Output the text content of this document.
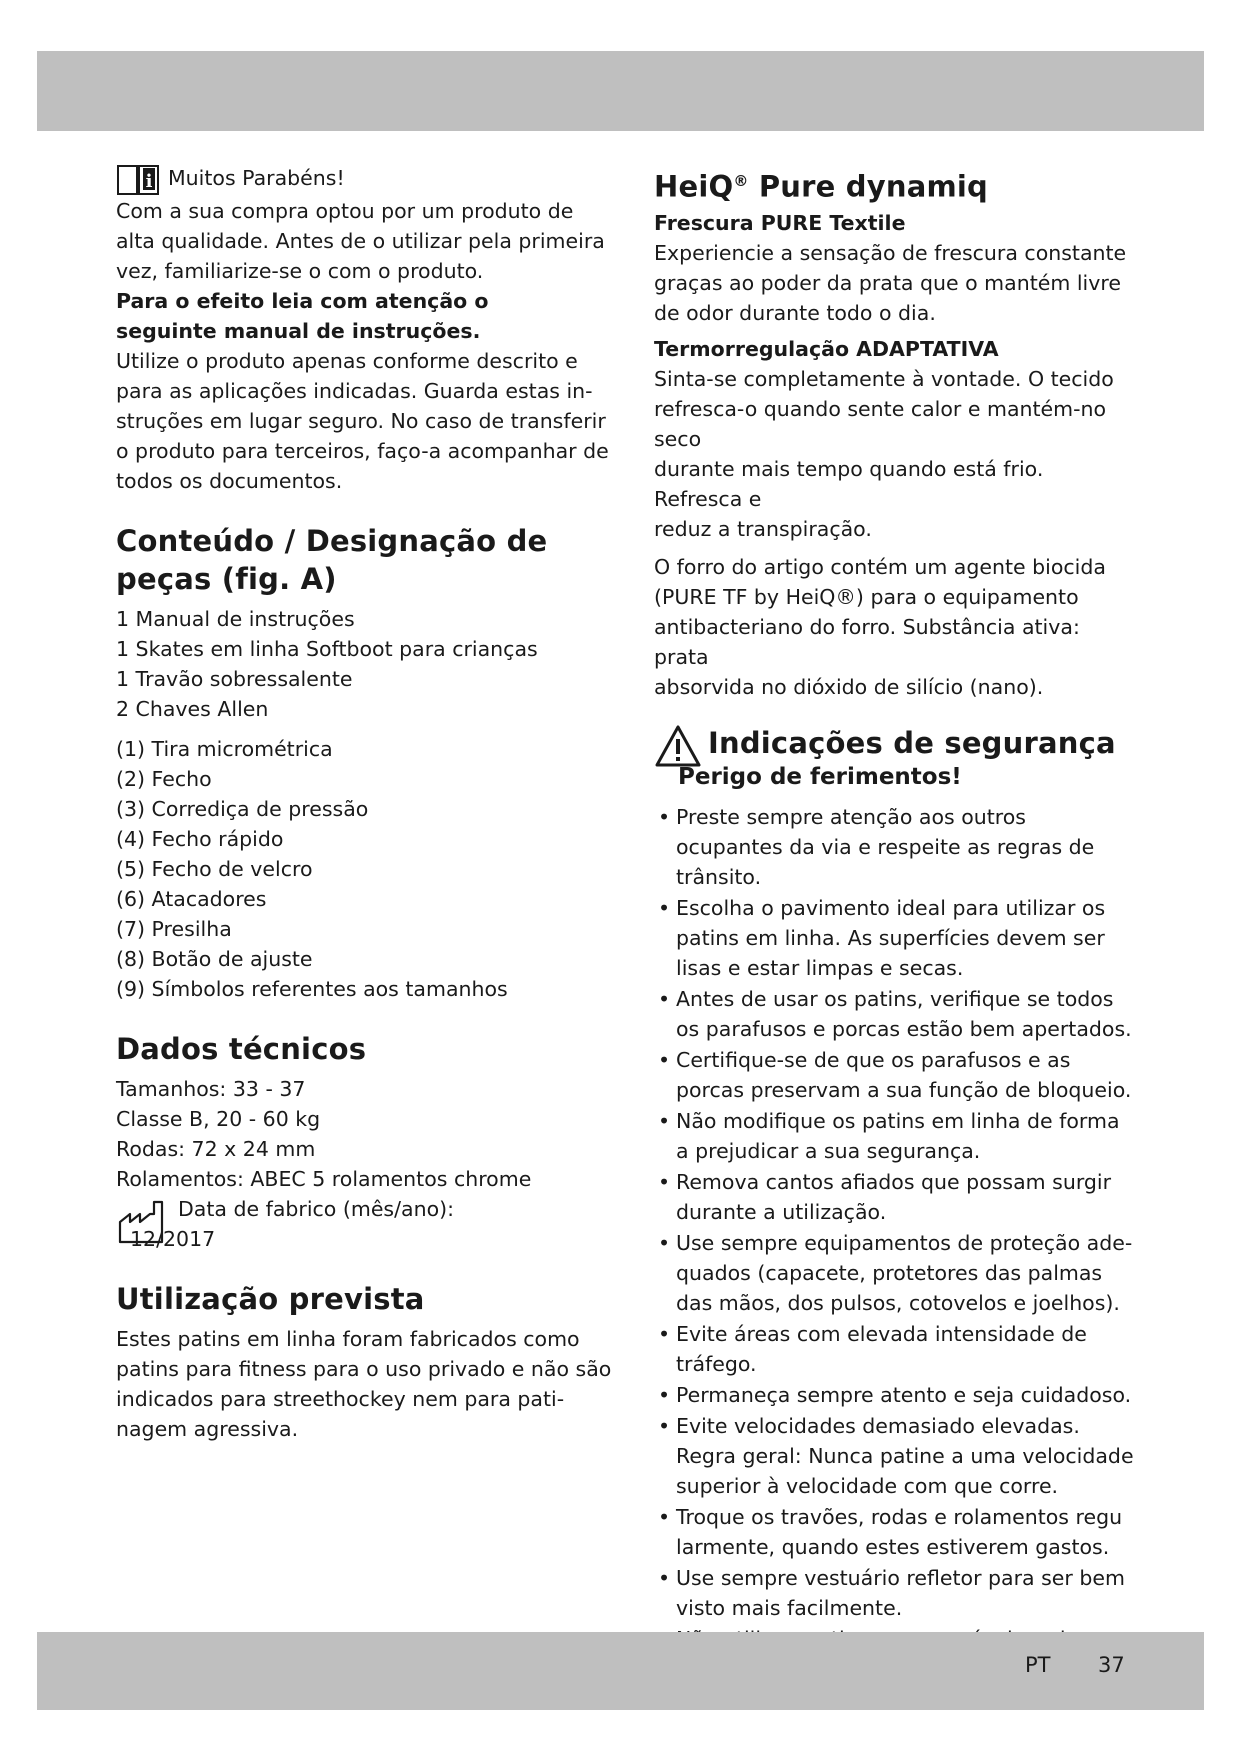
i Muitos Parabéns!

Com a sua compra optou por um produto de

alta qualidade. Antes de o utilizar pela primeira

vez, familiarize-se o com o produto.

Para o efeito leia com atenção o

seguinte manual de instruções.

Utilize o produto apenas conforme descrito e

para as aplicações indicadas. Guarda estas in-

struções em lugar seguro. No caso de transferir

o produto para terceiros, faço-a acompanhar de

todos os documentos.

Conteúdo / Designação de
peças (fig. A)

1 Manual de instruções

1 Skates em linha Softboot para crianças

1 Travão sobressalente

2 Chaves Allen

(1) Tira micrométrica

(2) Fecho

(3) Corrediça de pressão

(4) Fecho rápido

(5) Fecho de velcro

(6) Atacadores

(7) Presilha

(8) Botão de ajuste

(9) Símbolos referentes aos tamanhos

Dados técnicos

Tamanhos: 33 - 37

Classe B, 20 - 60 kg

Rodas: 72 x 24 mm

Rolamentos: ABEC 5 rolamentos chrome

Data de fabrico (mês/ano):

12/2017

Utilização prevista

Estes patins em linha foram fabricados como

patins para fitness para o uso privado e não são

indicados para streethockey nem para pati-

nagem agressiva.

HeiQ® Pure dynamiq
Frescura PURE Textile

Experiencie a sensação de frescura constante

graças ao poder da prata que o mantém livre

de odor durante todo o dia.

Termorregulação ADAPTATIVA

Sinta-se completamente à vontade. O tecido

refresca-o quando sente calor e mantém-no seco

durante mais tempo quando está frio. Refresca e

reduz a transpiração.

O forro do artigo contém um agente biocida

(PURE TF by HeiQ®) para o equipamento

antibacteriano do forro. Substância ativa: prata

absorvida no dióxido de silício (nano).

Indicações de segurança
Perigo de ferimentos!
• Preste sempre atenção aos outros ocupantes da via e respeite as regras de trânsito.
• Escolha o pavimento ideal para utilizar os patins em linha. As superfícies devem ser lisas e estar limpas e secas.
• Antes de usar os patins, verifique se todos os parafusos e porcas estão bem apertados.
• Certifique-se de que os parafusos e as porcas preservam a sua função de bloqueio.
• Não modifique os patins em linha de forma a prejudicar a sua segurança.
• Remova cantos afiados que possam surgir durante a utilização.
• Use sempre equipamentos de proteção ade- quados (capacete, protetores das palmas das mãos, dos pulsos, cotovelos e joelhos).
• Evite áreas com elevada intensidade de tráfego.
• Permaneça sempre atento e seja cuidadoso.
• Evite velocidades demasiado elevadas.
Regra geral: Nunca patine a uma velocidade superior à velocidade com que corre.
• Troque os travões, rodas e rolamentos regu larmente, quando estes estiverem gastos.
• Use sempre vestuário refletor para ser bem visto mais facilmente.
•
PT 37
